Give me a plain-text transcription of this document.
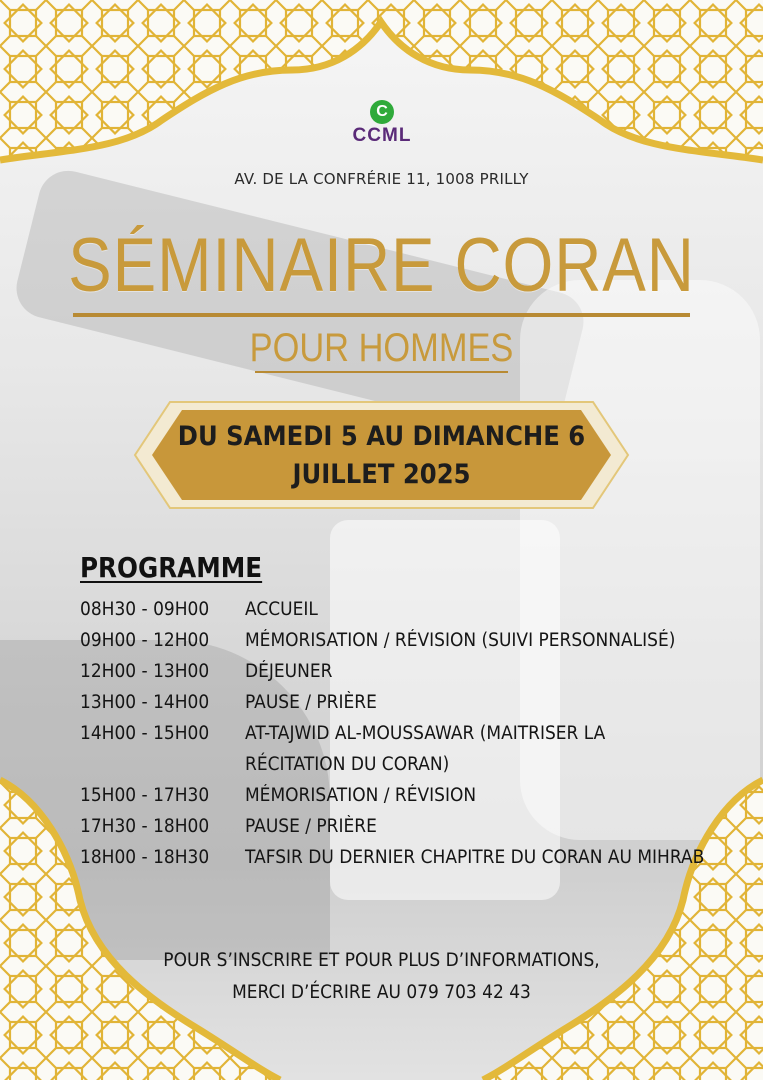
C
CCML
AV. DE LA CONFRÉRIE 11, 1008 PRILLY
SÉMINAIRE CORAN
POUR HOMMES
DU SAMEDI 5 AU DIMANCHE 6
JUILLET 2025
PROGRAMME
08H30 - 09H00	ACCUEIL
09H00 - 12H00	MÉMORISATION / RÉVISION (SUIVI PERSONNALISÉ)
12H00 - 13H00	DÉJEUNER
13H00 - 14H00	PAUSE / PRIÈRE
14H00 - 15H00	AT-TAJWID AL-MOUSSAWAR (MAITRISER LA RÉCITATION DU CORAN)
15H00 - 17H30	MÉMORISATION / RÉVISION
17H30 - 18H00	PAUSE / PRIÈRE
18H00 - 18H30	TAFSIR DU DERNIER CHAPITRE DU CORAN AU MIHRAB
POUR S’INSCRIRE ET POUR PLUS D’INFORMATIONS,
MERCI D’ÉCRIRE AU 079 703 42 43
